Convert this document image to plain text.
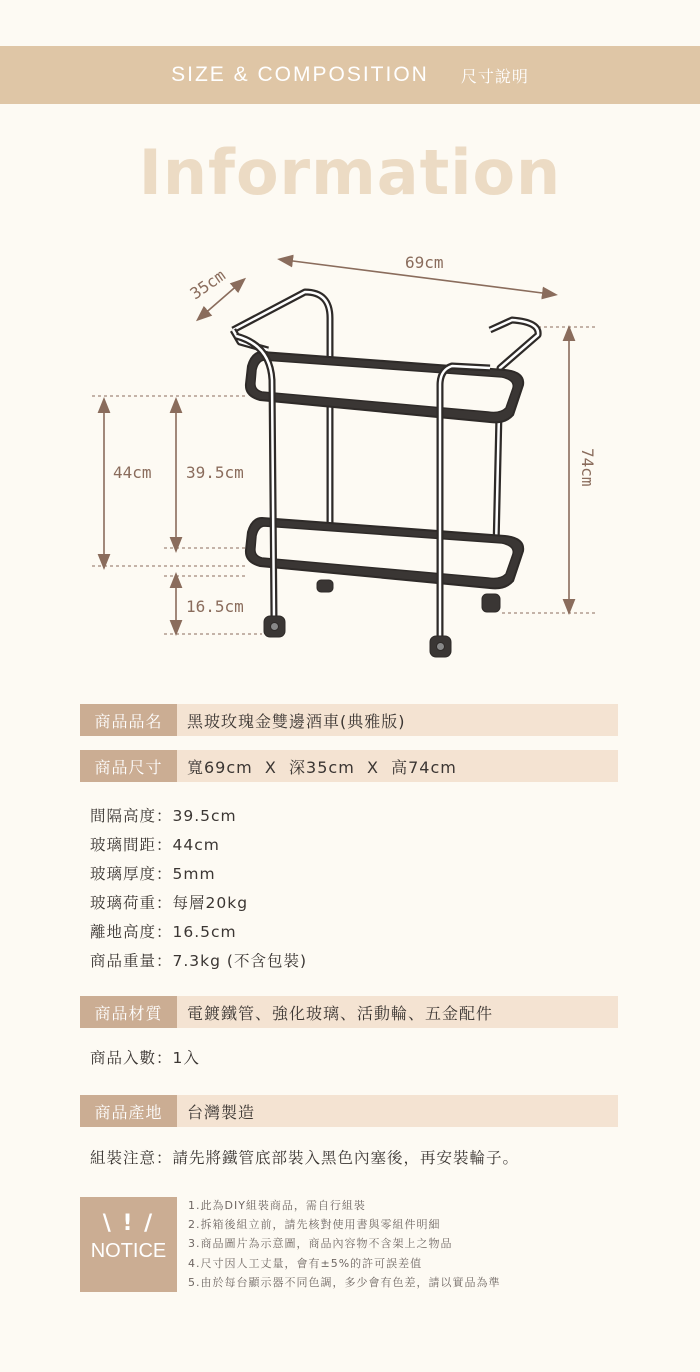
SIZE & COMPOSITION 尺寸說明
Information
69cm
35cm
74cm
44cm 39.5cm
16.5cm
商品品名	黑玻玫瑰金雙邊酒車(典雅版)
商品尺寸	寬69cm  X  深35cm  X  高74cm
間隔高度：39.5cm
玻璃間距：44cm
玻璃厚度：5mm
玻璃荷重：每層20kg
離地高度：16.5cm
商品重量：7.3kg (不含包裝)
商品材質	電鍍鐵管、強化玻璃、活動輪、五金配件
商品入數：1入
商品產地	台灣製造
組裝注意：請先將鐵管底部裝入黑色內塞後，再安裝輪子。
\ ! /
NOTICE
1.此為DIY組裝商品，需自行組裝
2.拆箱後組立前，請先核對使用書與零組件明細
3.商品圖片為示意圖，商品內容物不含架上之物品
4.尺寸因人工丈量，會有±5%的許可誤差值
5.由於每台顯示器不同色調，多少會有色差，請以實品為準
